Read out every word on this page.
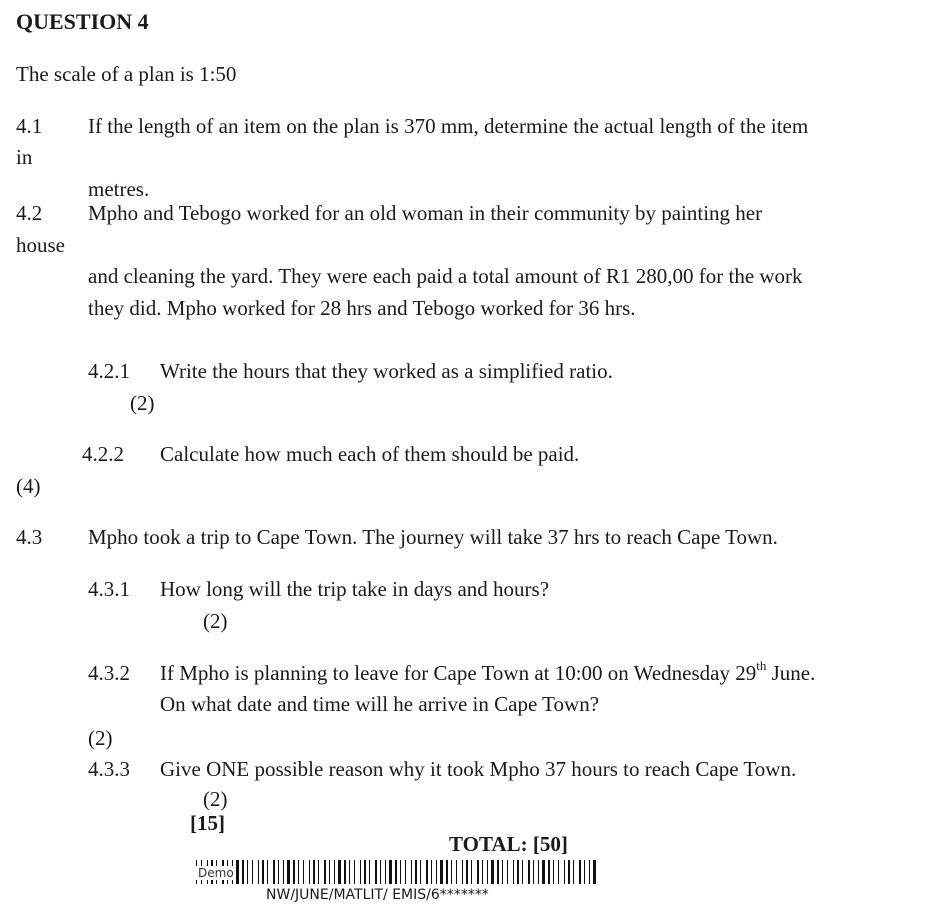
QUESTION 4
The scale of a plan is 1:50
4.1 If the length of an item on the plan is 370 mm, determine the actual length of the item
in
metres.
4.2 Mpho and Tebogo worked for an old woman in their community by painting her
house
and cleaning the yard. They were each paid a total amount of R1 280,00 for the work
they did. Mpho worked for 28 hrs and Tebogo worked for 36 hrs.
4.2.1 Write the hours that they worked as a simplified ratio.
(2)
4.2.2 Calculate how much each of them should be paid.
(4)
4.3 Mpho took a trip to Cape Town. The journey will take 37 hrs to reach Cape Town.
4.3.1 How long will the trip take in days and hours?
(2)
4.3.2 If Mpho is planning to leave for Cape Town at 10:00 on Wednesday 29th June.
On what date and time will he arrive in Cape Town?
(2)
4.3.3 Give ONE possible reason why it took Mpho 37 hours to reach Cape Town.
(2)
[15]
TOTAL: [50]
Demo
NW/JUNE/MATLIT/ EMIS/6*******
